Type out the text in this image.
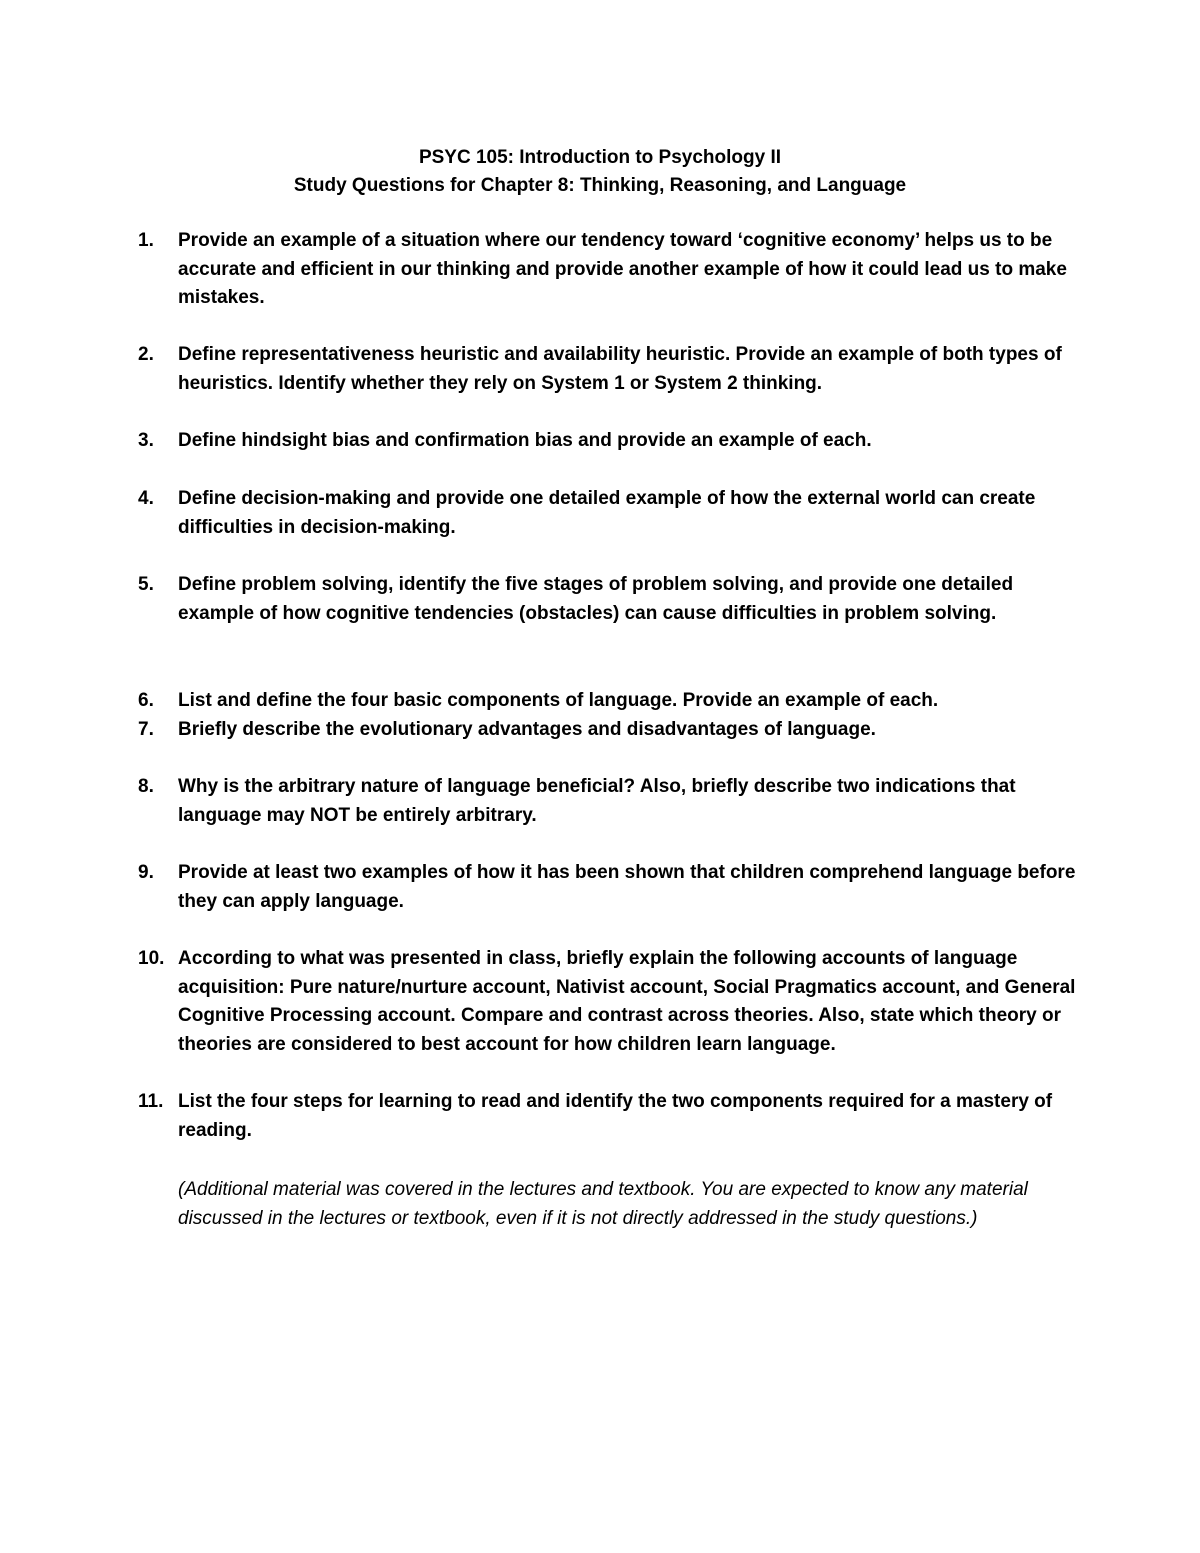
PSYC 105: Introduction to Psychology II
Study Questions for Chapter 8: Thinking, Reasoning, and Language
1.	Provide an example of a situation where our tendency toward ‘cognitive economy’ helps us to be accurate and efficient in our thinking and provide another example of how it could lead us to make mistakes.
2.	Define representativeness heuristic and availability heuristic. Provide an example of both types of heuristics. Identify whether they rely on System 1 or System 2 thinking.
3.	Define hindsight bias and confirmation bias and provide an example of each.
4.	Define decision-making and provide one detailed example of how the external world can create difficulties in decision-making.
5.	Define problem solving, identify the five stages of problem solving, and provide one detailed example of how cognitive tendencies (obstacles) can cause difficulties in problem solving.
6.	List and define the four basic components of language. Provide an example of each.
7.	Briefly describe the evolutionary advantages and disadvantages of language.
8.	Why is the arbitrary nature of language beneficial? Also, briefly describe two indications that language may NOT be entirely arbitrary.
9.	Provide at least two examples of how it has been shown that children comprehend language before they can apply language.
10. According to what was presented in class, briefly explain the following accounts of language acquisition: Pure nature/nurture account, Nativist account, Social Pragmatics account, and General Cognitive Processing account. Compare and contrast across theories. Also, state which theory or theories are considered to best account for how children learn language.
11. List the four steps for learning to read and identify the two components required for a mastery of reading.
(Additional material was covered in the lectures and textbook. You are expected to know any material discussed in the lectures or textbook, even if it is not directly addressed in the study questions.)
